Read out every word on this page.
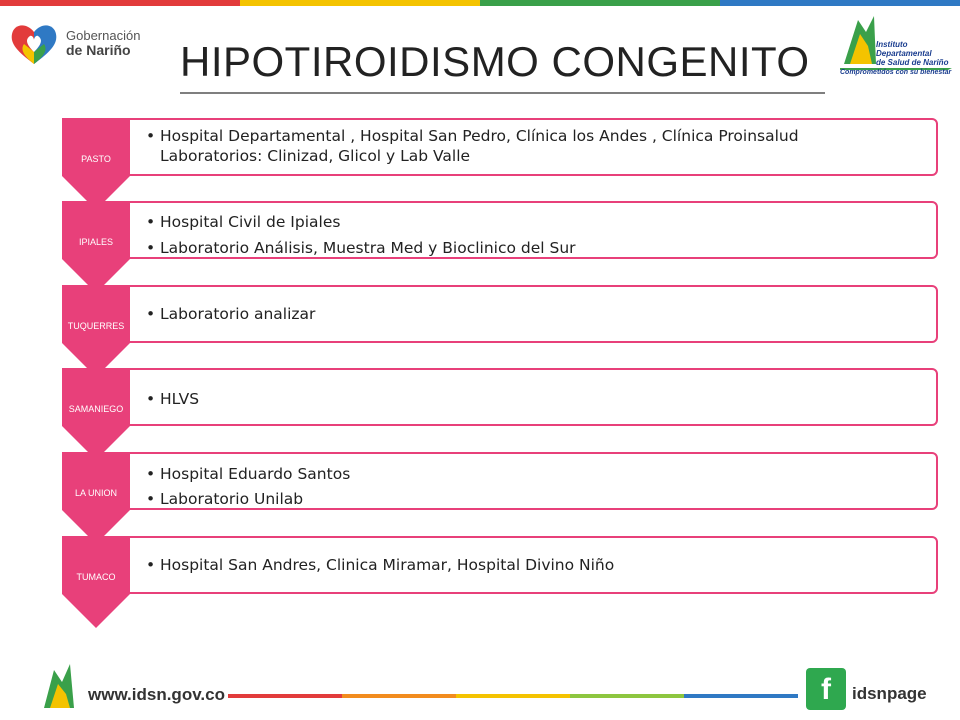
Gobernación
de Nariño HIPOTIROIDISMO CONGENITO	Instituto
Departamental
de Salud de Nariño
Comprometidos con su bienestar
PASTO
• Hospital Departamental , Hospital San Pedro, Clínica los Andes , Clínica Proinsalud
Laboratorios: Clinizad, Glicol y Lab Valle
IPIALES
• Hospital Civil de Ipiales
• Laboratorio Análisis, Muestra Med y Bioclinico del Sur
TUQUERRES
• Laboratorio analizar
SAMANIEGO
• HLVS
LA UNION
• Hospital Eduardo Santos
• Laboratorio Unilab
TUMACO
• Hospital San Andres, Clinica Miramar, Hospital Divino Niño
www.idsn.gov.co	f	idsnpage
